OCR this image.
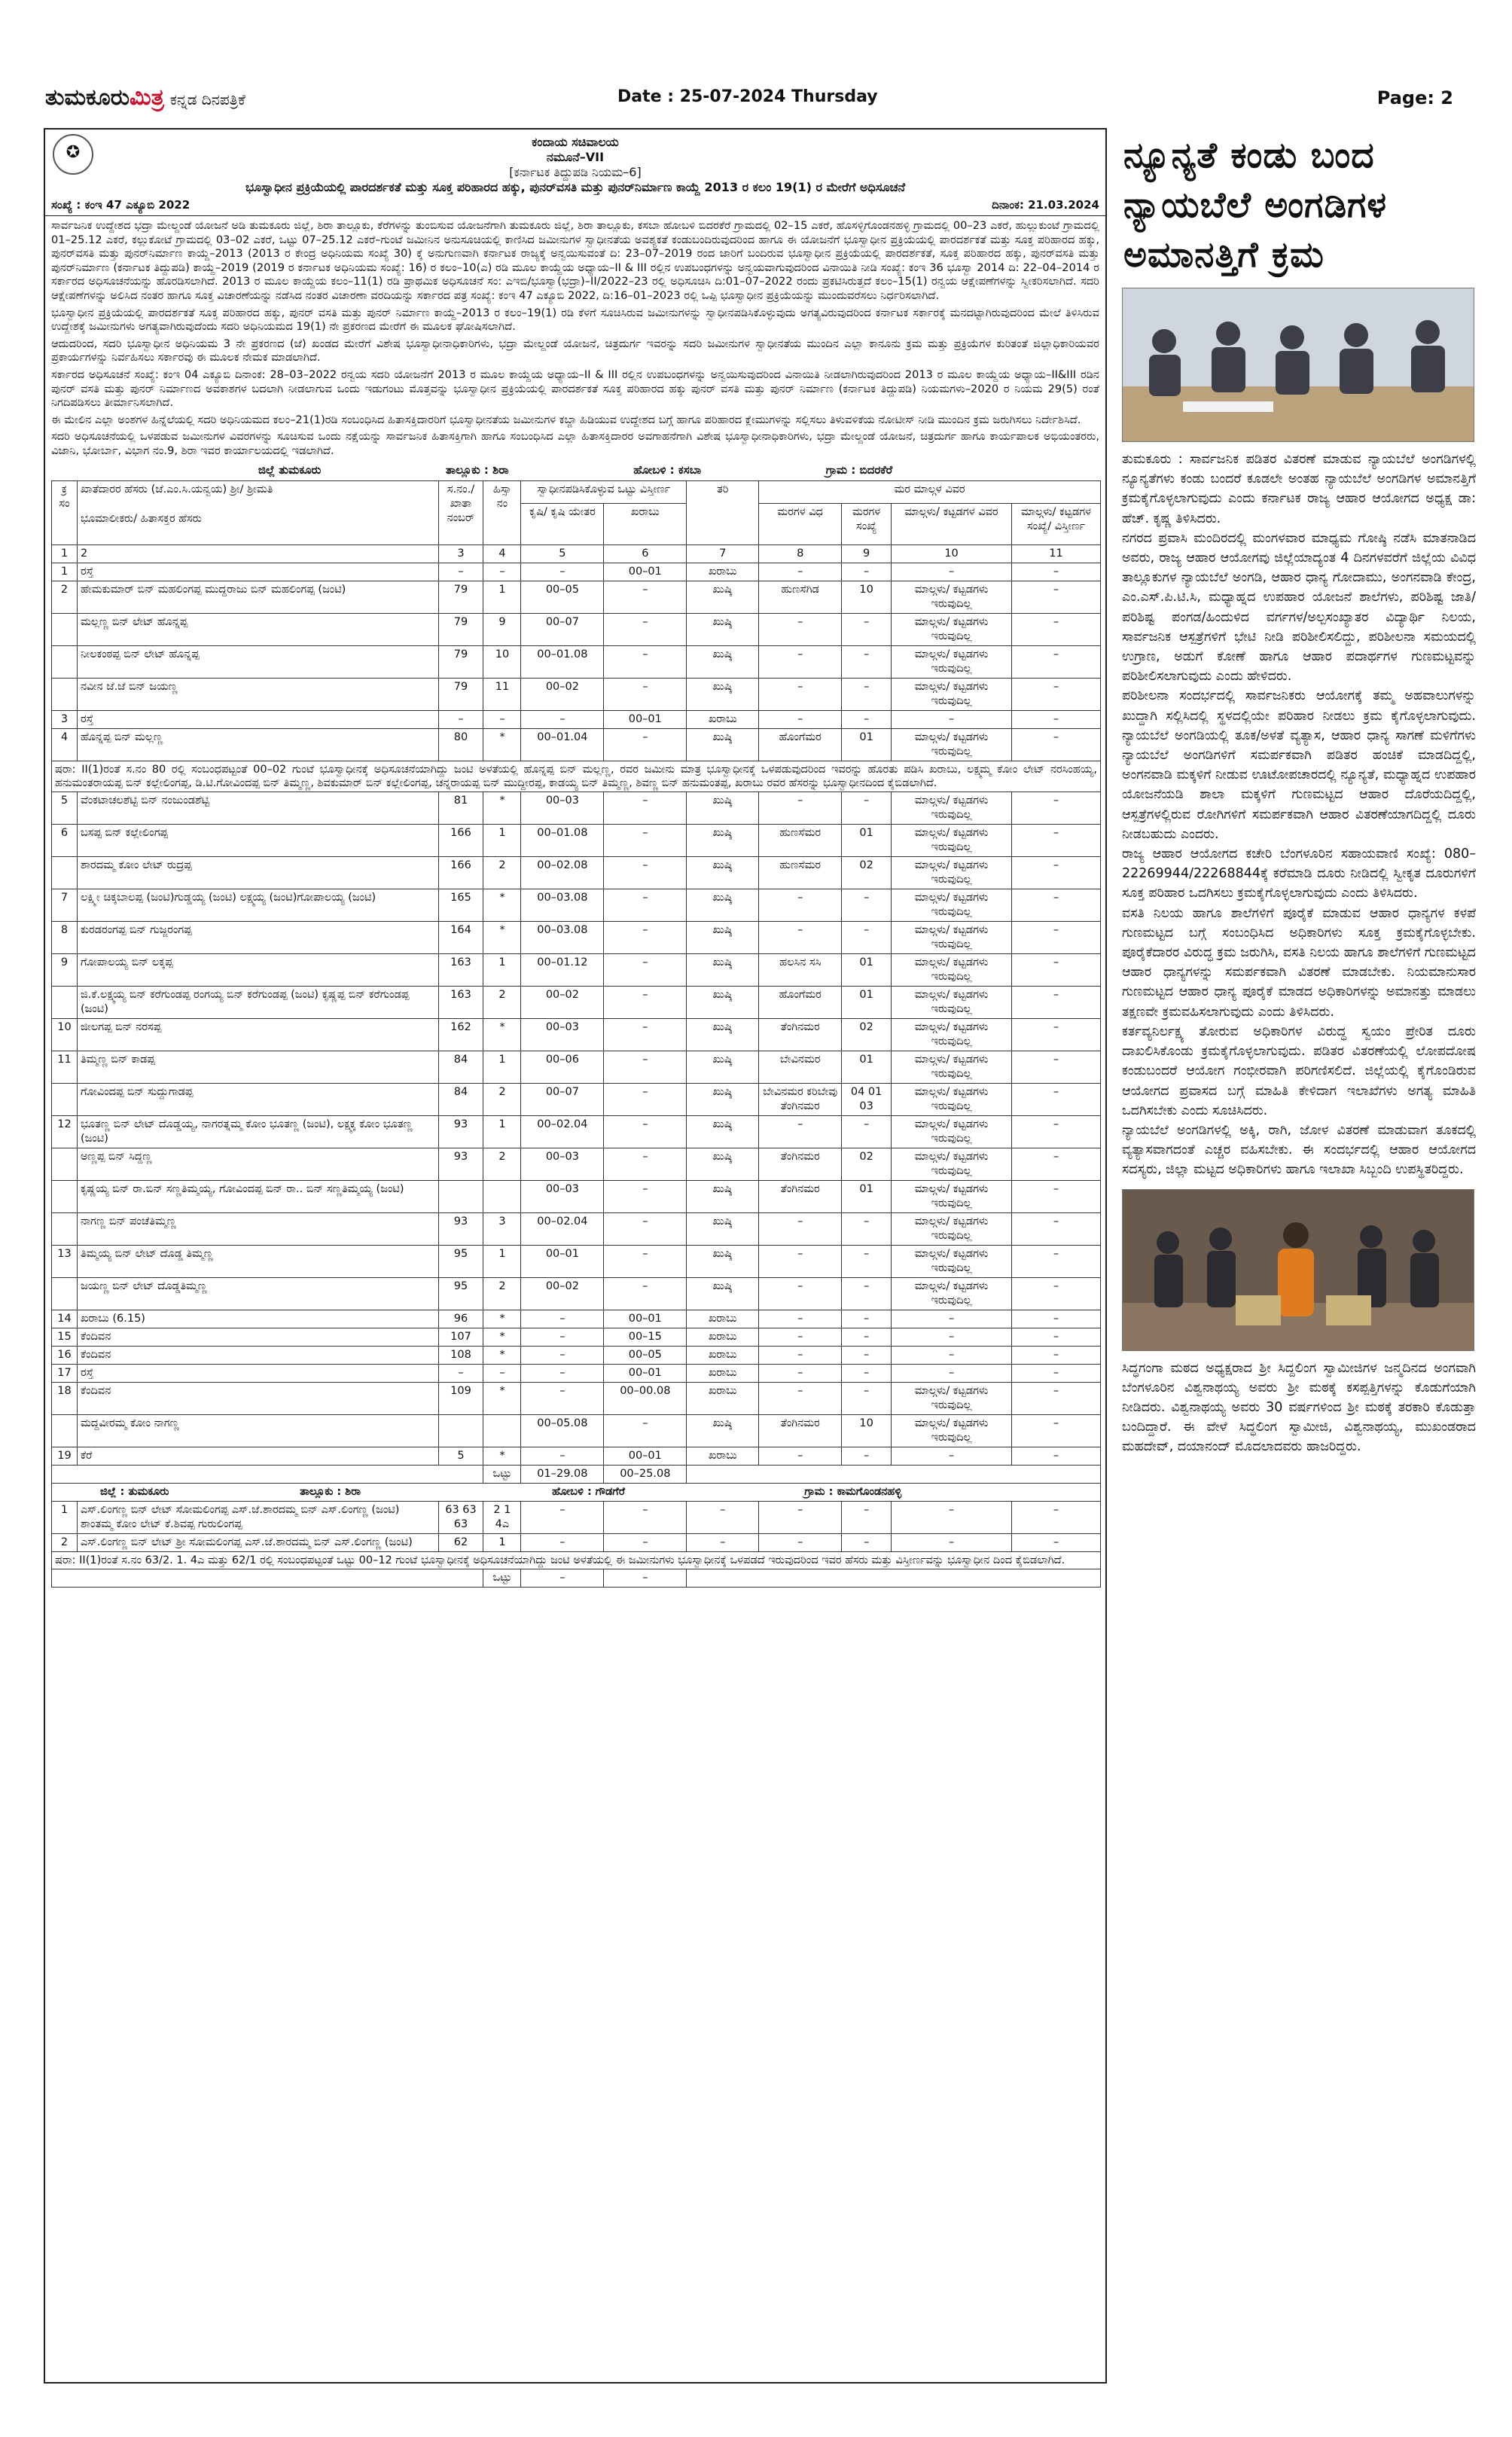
ತುಮಕೂರುಮಿತ್ರ ಕನ್ನಡ ದಿನಪತ್ರಿಕೆ	Date : 25-07-2024 Thursday	Page: 2
✪
ಕಂದಾಯ ಸಚಿವಾಲಯ
ನಮೂನೆ–VII
[ಕರ್ನಾಟಕ ತಿದ್ದುಪಡಿ ನಿಯಮ–6]
ಭೂಸ್ವಾಧೀನ ಪ್ರಕ್ರಿಯೆಯಲ್ಲಿ ಪಾರದರ್ಶಕತೆ ಮತ್ತು ಸೂಕ್ತ ಪರಿಹಾರದ ಹಕ್ಕು, ಪುನರ್‌ವಸತಿ ಮತ್ತು ಪುನರ್‌ನಿರ್ಮಾಣ ಕಾಯ್ದೆ 2013 ರ ಕಲಂ 19(1) ರ ಮೇರೆಗೆ ಅಧಿಸೂಚನೆ
ಸಂಖ್ಯೆ : ಕಂಇ 47 ಎಕ್ಯೂಬಿ 2022	ದಿನಾಂಕ: 21.03.2024

ಸಾರ್ವಜನಿಕ ಉದ್ದೇಶದ ಭದ್ರಾ ಮೇಲ್ದಂಡೆ ಯೋಜನೆ ಅಡಿ ತುಮಕೂರು ಜಿಲ್ಲೆ, ಶಿರಾ ತಾಲ್ಲೂಕು, ಕೆರೆಗಳನ್ನು ತುಂಬಿಸುವ ಯೋಜನೆಗಾಗಿ ತುಮಕೂರು ಜಿಲ್ಲೆ, ಶಿರಾ ತಾಲ್ಲೂಕು, ಕಸಬಾ ಹೋಬಳಿ ಬಿದರಕೆರೆ ಗ್ರಾಮದಲ್ಲಿ 02–15 ಎಕರೆ, ಹೊಸಳ್ಳಿಗೊಂಡನಹಳ್ಳಿ ಗ್ರಾಮದಲ್ಲಿ 00–23 ಎಕರೆ, ಹುಲ್ಲುಕುಂಟೆ ಗ್ರಾಮದಲ್ಲಿ 01–25.12 ಎಕರೆ, ಕಲ್ಲುಕೋಟೆ ಗ್ರಾಮದಲ್ಲಿ 03–02 ಎಕರೆ, ಒಟ್ಟು 07–25.12 ಎಕರೆ–ಗುಂಟೆ ಜಮೀನಿನ ಅನುಸೂಚಿಯಲ್ಲಿ ಕಾಣಿಸಿದ ಜಮೀನುಗಳ ಸ್ವಾಧೀನತೆಯ ಅವಶ್ಯಕತೆ ಕಂಡುಬಂದಿರುವುದರಿಂದ ಹಾಗೂ ಈ ಯೋಜನೆಗೆ ಭೂಸ್ವಾಧೀನ ಪ್ರಕ್ರಿಯೆಯಲ್ಲಿ ಪಾರದರ್ಶಕತೆ ಮತ್ತು ಸೂಕ್ತ ಪರಿಹಾರದ ಹಕ್ಕು, ಪುನರ್‌ವಸತಿ ಮತ್ತು ಪುನರ್‌ನಿರ್ಮಾಣ ಕಾಯ್ದೆ–2013 (2013 ರ ಕೇಂದ್ರ ಅಧಿನಿಯಮ ಸಂಖ್ಯೆ 30) ಕ್ಕೆ ಅನುಗುಣವಾಗಿ ಕರ್ನಾಟಕ ರಾಜ್ಯಕ್ಕೆ ಅನ್ವಯಿಸುವಂತೆ ದಿ: 23–07–2019 ರಂದ ಜಾರಿಗೆ ಬಂದಿರುವ ಭೂಸ್ವಾಧೀನ ಪ್ರಕ್ರಿಯೆಯಲ್ಲಿ ಪಾರದರ್ಶಕತೆ, ಸೂಕ್ತ ಪರಿಹಾರದ ಹಕ್ಕು, ಪುನರ್‌ವಸತಿ ಮತ್ತು ಪುನರ್‌ನಿರ್ಮಾಣ (ಕರ್ನಾಟಕ ತಿದ್ದುಪಡಿ) ಕಾಯ್ದೆ–2019 (2019 ರ ಕರ್ನಾಟಕ ಅಧಿನಿಯಮ ಸಂಖ್ಯೆ: 16) ರ ಕಲಂ–10(ಎ) ರಡಿ ಮೂಲ ಕಾಯ್ದೆಯ ಅಧ್ಯಾಯ–II & III ರಲ್ಲಿನ ಉಪಬಂಧಗಳನ್ನು ಅನ್ವಯವಾಗುವುದರಿಂದ ವಿನಾಯಿತಿ ನೀಡಿ ಸಂಖ್ಯೆ: ಕಂಇ 36 ಭೂಸ್ವಾ 2014 ದಿ: 22–04–2014 ರ ಸರ್ಕಾರದ ಅಧಿಸೂಚನೆಯನ್ನು ಹೊರಡಿಸಲಾಗಿದೆ. 2013 ರ ಮೂಲ ಕಾಯ್ದೆಯ ಕಲಂ–11(1) ರಡಿ ಪ್ರಾಥಮಿಕ ಅಧಿಸೂಚನೆ ಸಂ: ಎಇಬಿ/ಭೂಸ್ವಾ(ಭದ್ರಾ)–II/2022–23 ರಲ್ಲಿ ಅಧಿಸೂಚಿಸಿ ದಿ:01–07–2022 ರಂದು ಪ್ರಕಟಿಸಿರುತ್ತದೆ ಕಲಂ–15(1) ರನ್ವಯ ಆಕ್ಷೇಪಣೆಗಳನ್ನು ಸ್ವೀಕರಿಸಲಾಗಿದೆ. ಸದರಿ ಆಕ್ಷೇಪಣೆಗಳನ್ನು ಅಲಿಸಿದ ನಂತರ ಹಾಗೂ ಸೂಕ್ತ ವಿಚಾರಣೆಯನ್ನು ನಡೆಸಿದ ನಂತರ ವಿಚಾರಣಾ ವರದಿಯನ್ನು ಸರ್ಕಾರದ ಪತ್ರ ಸಂಖ್ಯೆ: ಕಂಇ 47 ಎಕ್ಯೂಬಿ 2022, ದಿ:16–01–2023 ರಲ್ಲಿ ಒಪ್ಪಿ ಭೂಸ್ವಾಧೀನ ಪ್ರಕ್ರಿಯೆಯನ್ನು ಮುಂದುವರೆಸಲು ನಿರ್ಧರಿಸಲಾಗಿದೆ.

ಭೂಸ್ವಾಧೀನ ಪ್ರಕ್ರಿಯೆಯಲ್ಲಿ ಪಾರದರ್ಶಕತೆ ಸೂಕ್ತ ಪರಿಹಾರದ ಹಕ್ಕು, ಪುನರ್ ವಸತಿ ಮತ್ತು ಪುನರ್ ನಿರ್ಮಾಣ ಕಾಯ್ದೆ–2013 ರ ಕಲಂ–19(1) ರಡಿ ಕೆಳಗೆ ಸೂಚಿಸಿರುವ ಜಮೀನುಗಳನ್ನು ಸ್ವಾಧೀನಪಡಿಸಿಕೊಳ್ಳುವುದು ಅಗತ್ಯವಿರುವುದರಿಂದ ಕರ್ನಾಟಕ ಸರ್ಕಾರಕ್ಕೆ ಮನದಟ್ಟಾಗಿರುವುದರಿಂದ ಮೇಲೆ ತಿಳಿಸಿರುವ ಉದ್ದೇಶಕ್ಕೆ ಜಮೀನುಗಳು ಅಗತ್ಯವಾಗಿರುವುದೆಂದು ಸದರಿ ಅಧಿನಿಯಮದ 19(1) ನೇ ಪ್ರಕರಣದ ಮೇರೆಗೆ ಈ ಮೂಲಕ ಘೋಷಿಸಲಾಗಿದೆ.

ಆದುದರಿಂದ, ಸದರಿ ಭೂಸ್ವಾಧೀನ ಅಧಿನಿಯಮ 3 ನೇ ಪ್ರಕರಣದ (ಜೆ) ಖಂಡದ ಮೇರೆಗೆ ವಿಶೇಷ ಭೂಸ್ವಾಧೀನಾಧಿಕಾರಿಗಳು, ಭದ್ರಾ ಮೇಲ್ದಂಡೆ ಯೋಜನೆ, ಚಿತ್ರದುರ್ಗ ಇವರನ್ನು ಸದರಿ ಜಮೀನುಗಳ ಸ್ವಾಧೀನತೆಯ ಮುಂದಿನ ಎಲ್ಲಾ ಕಾನೂನು ಕ್ರಮ ಮತ್ತು ಪ್ರಕ್ರಿಯೆಗಳ ಕುರಿತಂತೆ ಜಿಲ್ಲಾಧಿಕಾರಿಯವರ ಪ್ರಕಾರ್ಯಗಳನ್ನು ನಿರ್ವಹಿಸಲು ಸರ್ಕಾರವು ಈ ಮೂಲಕ ನೇಮಕ ಮಾಡಲಾಗಿದೆ.

ಸರ್ಕಾರದ ಅಧಿಸೂಚನೆ ಸಂಖ್ಯೆ: ಕಂಇ 04 ಎಕ್ಯೂಬಿ ದಿನಾಂಕ: 28–03–2022 ರನ್ವಯ ಸದರಿ ಯೋಜನೆಗೆ 2013 ರ ಮೂಲ ಕಾಯ್ದೆಯ ಅಧ್ಯಾಯ–II & III ರಲ್ಲಿನ ಉಪಬಂಧಗಳನ್ನು ಅನ್ವಯಿಸುವುದರಿಂದ ವಿನಾಯಿತಿ ನೀಡಲಾಗಿರುವುದರಿಂದ 2013 ರ ಮೂಲ ಕಾಯ್ದೆಯ ಅಧ್ಯಾಯ–II&III ರಡಿನ ಪುನರ್ ವಸತಿ ಮತ್ತು ಪುನರ್ ನಿರ್ಮಾಣದ ಅವಕಾಶಗಳ ಬದಲಾಗಿ ನೀಡಲಾಗುವ ಒಂದು ಇಡುಗಂಟು ಮೊತ್ತವನ್ನು ಭೂಸ್ವಾಧೀನ ಪ್ರಕ್ರಿಯೆಯಲ್ಲಿ ಪಾರದರ್ಶಕತೆ ಸೂಕ್ತ ಪರಿಹಾರದ ಹಕ್ಕು ಪುನರ್ ವಸತಿ ಮತ್ತು ಪುನರ್ ನಿರ್ಮಾಣ (ಕರ್ನಾಟಕ ತಿದ್ದುಪಡಿ) ನಿಯಮಗಳು–2020 ರ ನಿಯಮ 29(5) ರಂತೆ ನಿಗದಿಪಡಿಸಲು ತೀರ್ಮಾನಿಸಲಾಗಿದೆ.

ಈ ಮೇಲಿನ ಎಲ್ಲಾ ಅಂಶಗಳ ಹಿನ್ನೆಲೆಯಲ್ಲಿ ಸದರಿ ಅಧಿನಿಯಮದ ಕಲಂ–21(1)ರಡಿ ಸಂಬಂಧಿಸಿದ ಹಿತಾಸಕ್ತಿದಾರರಿಗೆ ಭೂಸ್ವಾಧೀನತೆಯ ಜಮೀನುಗಳ ಕಬ್ಜಾ ಹಿಡಿಯುವ ಉದ್ದೇಶದ ಬಗ್ಗೆ ಹಾಗೂ ಪರಿಹಾರದ ಕ್ಲೇಮುಗಳನ್ನು ಸಲ್ಲಿಸಲು ತಿಳುವಳಿಕೆಯ ನೋಟೀಸ್ ನೀಡಿ ಮುಂದಿನ ಕ್ರಮ ಜರುಗಿಸಲು ನಿರ್ದೇಶಿಸಿದೆ.

ಸದರಿ ಅಧಿಸೂಚನೆಯಲ್ಲಿ ಒಳಪಡುವ ಜಮೀನುಗಳ ವಿವರಗಳನ್ನು ಸೂಚಿಸುವ ಒಂದು ನಕ್ಷೆಯನ್ನು ಸಾರ್ವಜನಿಕ ಹಿತಾಸಕ್ತಿಗಾಗಿ ಹಾಗೂ ಸಂಬಂಧಿಸಿದ ಎಲ್ಲಾ ಹಿತಾಸಕ್ತಿದಾರರ ಅವಗಾಹನೆಗಾಗಿ ವಿಶೇಷ ಭೂಸ್ವಾಧೀನಾಧಿಕಾರಿಗಳು, ಭದ್ರಾ ಮೇಲ್ದಂಡೆ ಯೋಜನೆ, ಚಿತ್ರದುರ್ಗ ಹಾಗೂ ಕಾರ್ಯಪಾಲಕ ಅಭಿಯಂತರರು, ವಿಜಾನಿ, ಭೋರ್ಬಾ, ವಿಭಾಗ ನಂ.9, ಶಿರಾ ಇವರ ಕಾರ್ಯಾಲಯದಲ್ಲಿ ಇಡಲಾಗಿದೆ.

ಜಿಲ್ಲೆ ತುಮಕೂರು	ತಾಲ್ಲೂಕು : ಶಿರಾ	ಹೋಬಳಿ : ಕಸಬಾ	ಗ್ರಾಮ : ಬಿದರಕೆರೆ
ಕ್ರ ಸಂ	ಖಾತೆದಾರರ ಹೆಸರು (ಜೆ.ಎಂ.ಸಿ.ಯನ್ವಯ) ಶ್ರೀ/ ಶ್ರೀಮತಿ
ಭೂಮಾಲೀಕರು/ ಹಿತಾಸಕ್ತರ ಹೆಸರು	ಸ.ನಂ./ ಖಾತಾ ನಂಬರ್	ಹಿಸ್ಸಾ ನಂ	ಸ್ವಾಧೀನಪಡಿಸಿಕೊಳ್ಳುವ ಒಟ್ಟು ವಿಸ್ತೀರ್ಣ		ತರಿ	ಮರ ಮಾಲ್ಗಳ ವಿವರ			
				ಕೃಷಿ/ ಕೃಷಿ ಯೇತರ	ಖರಾಬು		ಮರಗಳ ವಿಧ	ಮರಗಳ ಸಂಖ್ಯೆ	ಮಾಲ್ಗಳು/ ಕಟ್ಟಡಗಳ ವಿವರ	ಮಾಲ್ಗಳು/ ಕಟ್ಟಡಗಳ ಸಂಖ್ಯೆ/ ವಿಸ್ತೀರ್ಣ
1	2	3	4	5	6	7	8	9	10	11
1	ರಸ್ತೆ	–	–	–	00–01	ಖರಾಬು	–	–	–	–
2	ಹೇಮಕುಮಾರ್ ಬಿನ್ ಮಹಲಿಂಗಪ್ಪ ಮುದ್ದರಾಜು ಬಿನ್ ಮಹಲಿಂಗಪ್ಪ (ಜಂಟಿ)	79	1	00–05	–	ಖುಷ್ಕಿ	ಹುಣಸೆಗಿಡ	10	ಮಾಲ್ಗಳು/ ಕಟ್ಟಡಗಳು ಇರುವುದಿಲ್ಲ	–
	ಮಲ್ಲಣ್ಣ ಬಿನ್ ಲೇಟ್ ಹೊನ್ನಪ್ಪ	79	9	00–07	–	ಖುಷ್ಕಿ	–	–	ಮಾಲ್ಗಳು/ ಕಟ್ಟಡಗಳು ಇರುವುದಿಲ್ಲ	–
	ನೀಲಕಂಠಪ್ಪ ಬಿನ್ ಲೇಟ್ ಹೊನ್ನಪ್ಪ	79	10	00–01.08	–	ಖುಷ್ಕಿ	–	–	ಮಾಲ್ಗಳು/ ಕಟ್ಟಡಗಳು ಇರುವುದಿಲ್ಲ	–
	ನವೀನ ಜೆ.ಜೆ ಬಿನ್ ಜಯಣ್ಣ	79	11	00–02	–	ಖುಷ್ಕಿ	–	–	ಮಾಲ್ಗಳು/ ಕಟ್ಟಡಗಳು ಇರುವುದಿಲ್ಲ	–
3	ರಸ್ತೆ	–	–	–	00–01	ಖರಾಬು	–	–	–	–
4	ಹೊನ್ನಪ್ಪ ಬಿನ್ ಮಲ್ಲಣ್ಣ	80	*	00–01.04	–	ಖುಷ್ಕಿ	ಹೊಂಗೆಮರ	01	ಮಾಲ್ಗಳು/ ಕಟ್ಟಡಗಳು ಇರುವುದಿಲ್ಲ	–
ಷರಾ: II(1)ರಂತೆ ಸ.ನಂ 80 ರಲ್ಲಿ ಸಂಬಂಧಪಟ್ಟಂತೆ 00–02 ಗುಂಟೆ ಭೂಸ್ವಾಧೀನಕ್ಕೆ ಅಧಿಸೂಚನೆಯಾಗಿದ್ದು ಜಂಟಿ ಅಳತೆಯಲ್ಲಿ ಹೊನ್ನಪ್ಪ ಬಿನ್ ಮಲ್ಲಣ್ಣ, ರವರ ಜಮೀನು ಮಾತ್ರ ಭೂಸ್ವಾಧೀನಕ್ಕೆ ಒಳಪಡುವುದರಿಂದ ಇವರನ್ನು ಹೊರತು ಪಡಿಸಿ ಖರಾಬು, ಲಕ್ಷ್ಮಮ್ಮ ಕೋಂ ಲೇಟ್ ನರಸಿಂಹಯ್ಯ, ಹನುಮಂತರಾಯಪ್ಪ ಬಿನ್ ಕಲ್ಲೇಲಿಂಗಪ್ಪ, ಡಿ.ಟಿ.ಗೋವಿಂದಪ್ಪ ಬಿನ್ ತಿಮ್ಮಣ್ಣ, ಶಿವಕುಮಾರ್ ಬಿನ್ ಕಲ್ಲೇಲಿಂಗಪ್ಪ, ಚನ್ನರಾಯಪ್ಪ ಬಿನ್ ಮುದ್ದೀರಪ್ಪ, ಕಾಡಯ್ಯ ಬಿನ್ ತಿಮ್ಮಣ್ಣ, ಶಿವಣ್ಣ ಬಿನ್ ಹನುಮಂತಪ್ಪ, ಖರಾಬು ರವರ ಹೆಸರನ್ನು ಭೂಸ್ವಾಧೀನದಿಂದ ಕೈಬಿಡಲಾಗಿದೆ.										
5	ವೆಂಕಟಾಚಲಶೆಟ್ಟಿ ಬಿನ್ ನಂಜುಂಡಶೆಟ್ಟಿ	81	*	00–03	–	ಖುಷ್ಕಿ	–	–	ಮಾಲ್ಗಳು/ ಕಟ್ಟಡಗಳು ಇರುವುದಿಲ್ಲ	–
6	ಬಸಪ್ಪ ಬಿನ್ ಕಲ್ಲೇಲಿಂಗಪ್ಪ	166	1	00–01.08	–	ಖುಷ್ಕಿ	ಹುಣಸೆಮರ	01	ಮಾಲ್ಗಳು/ ಕಟ್ಟಡಗಳು ಇರುವುದಿಲ್ಲ	–
	ಶಾರದಮ್ಮ ಕೋಂ ಲೇಟ್ ರುದ್ರಪ್ಪ	166	2	00–02.08	–	ಖುಷ್ಕಿ	ಹುಣಸೆಮರ	02	ಮಾಲ್ಗಳು/ ಕಟ್ಟಡಗಳು ಇರುವುದಿಲ್ಲ	–
7	ಲಕ್ಷ್ಮೀ ಚಿಕ್ಕಬಾಲಪ್ಪ (ಜಂಟಿ)ಗುಡ್ಡಯ್ಯ (ಜಂಟಿ) ಲಕ್ಷ್ಮಯ್ಯ (ಜಂಟಿ)ಗೋಪಾಲಯ್ಯ (ಜಂಟಿ)	165	*	00–03.08	–	ಖುಷ್ಕಿ	–	–	ಮಾಲ್ಗಳು/ ಕಟ್ಟಡಗಳು ಇರುವುದಿಲ್ಲ	–
8	ಕುರಡರಂಗಪ್ಪ ಬಿನ್ ಗುಜ್ಜರಂಗಪ್ಪ	164	*	00–03.08	–	ಖುಷ್ಕಿ	–	–	ಮಾಲ್ಗಳು/ ಕಟ್ಟಡಗಳು ಇರುವುದಿಲ್ಲ	–
9	ಗೋಪಾಲಯ್ಯ ಬಿನ್ ಲಕ್ಕಪ್ಪ	163	1	00–01.12	–	ಖುಷ್ಕಿ	ಹಲಸಿನ ಸಸಿ	01	ಮಾಲ್ಗಳು/ ಕಟ್ಟಡಗಳು ಇರುವುದಿಲ್ಲ	–
	ಜಿ.ಕೆ.ಲಕ್ಷ್ಮಯ್ಯ ಬಿನ್ ಕರೆಗುಂಡಪ್ಪ ರಂಗಯ್ಯ ಬಿನ್ ಕರೆಗುಂಡಪ್ಪ (ಜಂಟಿ) ಕೃಷ್ಣಪ್ಪ ಬಿನ್ ಕರೆಗುಂಡಪ್ಪ (ಜಂಟಿ)	163	2	00–02	–	ಖುಷ್ಕಿ	ಹೊಂಗೆಮರ	01	ಮಾಲ್ಗಳು/ ಕಟ್ಟಡಗಳು ಇರುವುದಿಲ್ಲ	–
10	ಜೀಲಗಪ್ಪ ಬಿನ್ ನರಸಪ್ಪ	162	*	00–03	–	ಖುಷ್ಕಿ	ತೆಂಗಿನಮರ	02	ಮಾಲ್ಗಳು/ ಕಟ್ಟಡಗಳು ಇರುವುದಿಲ್ಲ	–
11	ತಿಮ್ಮಣ್ಣ ಬಿನ್ ಕಾಡಪ್ಪ	84	1	00–06	–	ಖುಷ್ಕಿ	ಬೇವಿನಮರ	01	ಮಾಲ್ಗಳು/ ಕಟ್ಟಡಗಳು ಇರುವುದಿಲ್ಲ	–
	ಗೋವಿಂದಪ್ಪ ಬಿನ್ ಸುದ್ದುಗಾಡಪ್ಪ	84	2	00–07	–	ಖುಷ್ಕಿ	ಬೇವಿನಮರ ಕರಿಬೇವು ತೆಂಗಿನಮರ	04 01 03	ಮಾಲ್ಗಳು/ ಕಟ್ಟಡಗಳು ಇರುವುದಿಲ್ಲ	–
12	ಭೂತಣ್ಣ ಬಿನ್ ಲೇಟ್ ದೊಡ್ಡಯ್ಯ, ನಾಗರತ್ನಮ್ಮ ಕೋಂ ಭೂತಣ್ಣ (ಜಂಟಿ), ಲಕ್ಷ್ಮಕ್ಕ ಕೋಂ ಭೂತಣ್ಣ (ಜಂಟಿ)	93	1	00–02.04	–	ಖುಷ್ಕಿ	–	–	ಮಾಲ್ಗಳು/ ಕಟ್ಟಡಗಳು ಇರುವುದಿಲ್ಲ	–
	ಅಣ್ಣಪ್ಪ ಬಿನ್ ಸಿದ್ದಣ್ಣ	93	2	00–03	–	ಖುಷ್ಕಿ	ತೆಂಗಿನಮರ	02	ಮಾಲ್ಗಳು/ ಕಟ್ಟಡಗಳು ಇರುವುದಿಲ್ಲ	–
	ಕೃಷ್ಣಯ್ಯ ಬಿನ್ ರಾ.ಬಿನ್ ಸಣ್ಣತಿಮ್ಮಯ್ಯ, ಗೋವಿಂದಪ್ಪ ಬಿನ್ ರಾ.. ಬಿನ್ ಸಣ್ಣತಿಮ್ಮಯ್ಯ (ಜಂಟಿ)			00–03	–	ಖುಷ್ಕಿ	ತೆಂಗಿನಮರ	01	ಮಾಲ್ಗಳು/ ಕಟ್ಟಡಗಳು ಇರುವುದಿಲ್ಲ	–
	ನಾಗಣ್ಣ ಬಿನ್ ಪಂಚೆತಿಮ್ಮಣ್ಣ	93	3	00–02.04	–	ಖುಷ್ಕಿ	–	–	ಮಾಲ್ಗಳು/ ಕಟ್ಟಡಗಳು ಇರುವುದಿಲ್ಲ	–
13	ತಿಮ್ಮಯ್ಯ ಬಿನ್ ಲೇಟ್ ದೊಡ್ಡ ತಿಮ್ಮಣ್ಣ	95	1	00–01	–	ಖುಷ್ಕಿ	–	–	ಮಾಲ್ಗಳು/ ಕಟ್ಟಡಗಳು ಇರುವುದಿಲ್ಲ	–
	ಜಯಣ್ಣ ಬಿನ್ ಲೇಟ್ ದೊಡ್ಡತಿಮ್ಮಣ್ಣ	95	2	00–02	–	ಖುಷ್ಕಿ	–	–	ಮಾಲ್ಗಳು/ ಕಟ್ಟಡಗಳು ಇರುವುದಿಲ್ಲ	–
14	ಖರಾಬು (6.15)	96	*	–	00–01	ಖರಾಬು	–	–	–	–
15	ಕೆಂದಿವನ	107	*	–	00–15	ಖರಾಬು	–	–	–	–
16	ಕೆಂದಿವನ	108	*	–	00–05	ಖರಾಬು	–	–	–	–
17	ರಸ್ತೆ	–	–	–	00–01	ಖರಾಬು	–	–	–	–
18	ಕೆಂದಿವನ	109	*	–	00–00.08	ಖರಾಬು	–	–	ಮಾಲ್ಗಳು/ ಕಟ್ಟಡಗಳು ಇರುವುದಿಲ್ಲ	–
	ಮದ್ದವೀರಮ್ಮ ಕೋಂ ನಾಗಣ್ಣ			00–05.08	–	ಖುಷ್ಕಿ	ತೆಂಗಿನಮರ	10	ಮಾಲ್ಗಳು/ ಕಟ್ಟಡಗಳು ಇರುವುದಿಲ್ಲ	–
19	ಕೆರೆ	5	*	–	00–01	ಖರಾಬು	–	–	–	–
			ಒಟ್ಟು	01–29.08	00–25.08					
ಜಿಲ್ಲೆ : ತುಮಕೂರು ತಾಲ್ಲೂಕು : ಶಿರಾ ಹೋಬಳಿ : ಗೌಡಗೆರೆ ಗ್ರಾಮ : ಕಾಮಗೊಂಡನಹಳ್ಳಿ										
1	ಎಸ್.ಲಿಂಗಣ್ಣ ಬಿನ್ ಲೇಟ್ ಸೋಮಲಿಂಗಪ್ಪ ಎಸ್.ಜೆ.ಶಾರದಮ್ಮ ಬಿನ್ ಎಸ್.ಲಿಂಗಣ್ಣ (ಜಂಟಿ) ಶಾಂತಮ್ಮ ಕೋಂ ಲೇಟ್ ಕೆ.ಶಿವಪ್ಪ ಗುರುಲಿಂಗಪ್ಪ	63 63 63	2 1 4ಎ	–	–	–	–	–	–	–
2	ಎಸ್.ಲಿಂಗಣ್ಣ ಬಿನ್ ಲೇಟ್ ಶ್ರೀ ಸೋಮಲಿಂಗಪ್ಪ ಎಸ್.ಜೆ.ಶಾರದಮ್ಮ ಬಿನ್ ಎಸ್.ಲಿಂಗಣ್ಣ (ಜಂಟಿ)	62	1	–	–	–	–	–	–	–
ಷರಾ: II(1)ರಂತೆ ಸ.ನಂ 63/2. 1. 4ಎ ಮತ್ತು 62/1 ರಲ್ಲಿ ಸಂಬಂಧಪಟ್ಟಂತೆ ಒಟ್ಟು 00–12 ಗುಂಟೆ ಭೂಸ್ವಾಧೀನಕ್ಕೆ ಅಧಿಸೂಚನೆಯಾಗಿದ್ದು ಜಂಟಿ ಅಳತೆಯಲ್ಲಿ ಈ ಜಮೀನುಗಳು ಭೂಸ್ವಾಧೀನಕ್ಕೆ ಒಳಪಡದೆ ಇರುವುದರಿಂದ ಇವರ ಹೆಸರು ಮತ್ತು ವಿಸ್ತೀರ್ಣವನ್ನು ಭೂಸ್ವಾಧೀನ ದಿಂದ ಕೈಬಿಡಲಾಗಿದೆ.										
			ಒಟ್ಟು	–	–					
ನ್ಯೂನ್ಯತೆ ಕಂಡು ಬಂದ ನ್ಯಾಯಬೆಲೆ ಅಂಗಡಿಗಳ ಅಮಾನತ್ತಿಗೆ ಕ್ರಮ

ತುಮಕೂರು : ಸಾರ್ವಜನಿಕ ಪಡಿತರ ವಿತರಣೆ ಮಾಡುವ ನ್ಯಾಯಬೆಲೆ ಅಂಗಡಿಗಳಲ್ಲಿ ನ್ಯೂನ್ಯತೆಗಳು ಕಂಡು ಬಂದರೆ ಕೂಡಲೇ ಅಂತಹ ನ್ಯಾಯಬೆಲೆ ಅಂಗಡಿಗಳ ಅಮಾನತ್ತಿಗೆ ಕ್ರಮಕೈಗೊಳ್ಳಲಾಗುವುದು ಎಂದು ಕರ್ನಾಟಕ ರಾಜ್ಯ ಆಹಾರ ಆಯೋಗದ ಅಧ್ಯಕ್ಷ ಡಾ: ಹೆಚ್. ಕೃಷ್ಣ ತಿಳಿಸಿದರು.

ನಗರದ ಪ್ರವಾಸಿ ಮಂದಿರದಲ್ಲಿ ಮಂಗಳವಾರ ಮಾಧ್ಯಮ ಗೋಷ್ಠಿ ನಡೆಸಿ ಮಾತನಾಡಿದ ಅವರು, ರಾಜ್ಯ ಆಹಾರ ಆಯೋಗವು ಜಿಲ್ಲೆಯಾದ್ಯಂತ 4 ದಿನಗಳವರೆಗೆ ಜಿಲ್ಲೆಯ ವಿವಿಧ ತಾಲ್ಲೂಕುಗಳ ನ್ಯಾಯಬೆಲೆ ಅಂಗಡಿ, ಆಹಾರ ಧಾನ್ಯ ಗೋದಾಮು, ಅಂಗನವಾಡಿ ಕೇಂದ್ರ, ಎಂ.ಎಸ್.ಪಿ.ಟಿ.ಸಿ, ಮಧ್ಯಾಹ್ನದ ಉಪಹಾರ ಯೋಜನೆ ಶಾಲೆಗಳು, ಪರಿಶಿಷ್ಟ ಜಾತಿ/ಪರಿಶಿಷ್ಟ ಪಂಗಡ/ಹಿಂದುಳಿದ ವರ್ಗಗಳ/ಅಲ್ಪಸಂಖ್ಯಾತರ ವಿದ್ಯಾರ್ಥಿ ನಿಲಯ, ಸಾರ್ವಜನಿಕ ಆಸ್ಪತ್ರೆಗಳಿಗೆ ಭೇಟಿ ನೀಡಿ ಪರಿಶೀಲಿಸಲಿದ್ದು, ಪರಿಶೀಲನಾ ಸಮಯದಲ್ಲಿ ಉಗ್ರಾಣ, ಅಡುಗೆ ಕೋಣೆ ಹಾಗೂ ಆಹಾರ ಪದಾರ್ಥಗಳ ಗುಣಮಟ್ಟವನ್ನು ಪರಿಶೀಲಿಸಲಾಗುವುದು ಎಂದು ಹೇಳಿದರು.

ಪರಿಶೀಲನಾ ಸಂದರ್ಭದಲ್ಲಿ ಸಾರ್ವಜನಿಕರು ಆಯೋಗಕ್ಕೆ ತಮ್ಮ ಅಹವಾಲುಗಳನ್ನು ಖುದ್ದಾಗಿ ಸಲ್ಲಿಸಿದಲ್ಲಿ ಸ್ಥಳದಲ್ಲಿಯೇ ಪರಿಹಾರ ನೀಡಲು ಕ್ರಮ ಕೈಗೊಳ್ಳಲಾಗುವುದು. ನ್ಯಾಯಬೆಲೆ ಅಂಗಡಿಯಲ್ಲಿ ತೂಕ/ಅಳತೆ ವ್ಯತ್ಯಾಸ, ಆಹಾರ ಧಾನ್ಯ ಸಾಗಣೆ ಮಳಿಗೆಗಳು ನ್ಯಾಯಬೆಲೆ ಅಂಗಡಿಗಳಿಗೆ ಸಮರ್ಪಕವಾಗಿ ಪಡಿತರ ಹಂಚಿಕೆ ಮಾಡದಿದ್ದಲ್ಲಿ, ಅಂಗನವಾಡಿ ಮಕ್ಕಳಿಗೆ ನೀಡುವ ಊಟೋಪಚಾರದಲ್ಲಿ ನ್ಯೂನ್ಯತೆ, ಮಧ್ಯಾಹ್ನದ ಉಪಹಾರ ಯೋಜನೆಯಡಿ ಶಾಲಾ ಮಕ್ಕಳಿಗೆ ಗುಣಮಟ್ಟದ ಆಹಾರ ದೊರೆಯದಿದ್ದಲ್ಲಿ, ಆಸ್ಪತ್ರೆಗಳಲ್ಲಿರುವ ರೋಗಿಗಳಿಗೆ ಸಮರ್ಪಕವಾಗಿ ಆಹಾರ ವಿತರಣೆಯಾಗದಿದ್ದಲ್ಲಿ ದೂರು ನೀಡಬಹುದು ಎಂದರು.

ರಾಜ್ಯ ಆಹಾರ ಆಯೋಗದ ಕಚೇರಿ ಬೆಂಗಳೂರಿನ ಸಹಾಯವಾಣಿ ಸಂಖ್ಯೆ: 080–22269944/22268844ಕ್ಕೆ ಕರೆಮಾಡಿ ದೂರು ನೀಡಿದಲ್ಲಿ ಸ್ವೀಕೃತ ದೂರುಗಳಿಗೆ ಸೂಕ್ತ ಪರಿಹಾರ ಒದಗಿಸಲು ಕ್ರಮಕೈಗೊಳ್ಳಲಾಗುವುದು ಎಂದು ತಿಳಿಸಿದರು.

ವಸತಿ ನಿಲಯ ಹಾಗೂ ಶಾಲೆಗಳಿಗೆ ಪೂರೈಕೆ ಮಾಡುವ ಆಹಾರ ಧಾನ್ಯಗಳ ಕಳಪೆ ಗುಣಮಟ್ಟದ ಬಗ್ಗೆ ಸಂಬಂಧಿಸಿದ ಅಧಿಕಾರಿಗಳು ಸೂಕ್ತ ಕ್ರಮಕೈಗೊಳ್ಳಬೇಕು. ಪೂರೈಕೆದಾರರ ವಿರುದ್ಧ ಕ್ರಮ ಜರುಗಿಸಿ, ವಸತಿ ನಿಲಯ ಹಾಗೂ ಶಾಲೆಗಳಿಗೆ ಗುಣಮಟ್ಟದ ಆಹಾರ ಧಾನ್ಯಗಳನ್ನು ಸಮರ್ಪಕವಾಗಿ ವಿತರಣೆ ಮಾಡಬೇಕು. ನಿಯಮಾನುಸಾರ ಗುಣಮಟ್ಟದ ಆಹಾರ ಧಾನ್ಯ ಪೂರೈಕೆ ಮಾಡದ ಅಧಿಕಾರಿಗಳನ್ನು ಅಮಾನತ್ತು ಮಾಡಲು ತಕ್ಷಣವೇ ಕ್ರಮವಹಿಸಲಾಗುವುದು ಎಂದು ತಿಳಿಸಿದರು.

ಕರ್ತವ್ಯನಿರ್ಲಕ್ಷ್ಯ ತೋರುವ ಅಧಿಕಾರಿಗಳ ವಿರುದ್ಧ ಸ್ವಯಂ ಪ್ರೇರಿತ ದೂರು ದಾಖಲಿಸಿಕೊಂಡು ಕ್ರಮಕೈಗೊಳ್ಳಲಾಗುವುದು. ಪಡಿತರ ವಿತರಣೆಯಲ್ಲಿ ಲೋಪದೋಷ ಕಂಡುಬಂದರೆ ಆಯೋಗ ಗಂಭೀರವಾಗಿ ಪರಿಗಣಿಸಲಿದೆ. ಜಿಲ್ಲೆಯಲ್ಲಿ ಕೈಗೊಂಡಿರುವ ಆಯೋಗದ ಪ್ರವಾಸದ ಬಗ್ಗೆ ಮಾಹಿತಿ ಕೇಳಿದಾಗ ಇಲಾಖೆಗಳು ಅಗತ್ಯ ಮಾಹಿತಿ ಒದಗಿಸಬೇಕು ಎಂದು ಸೂಚಿಸಿದರು.

ನ್ಯಾಯಬೆಲೆ ಅಂಗಡಿಗಳಲ್ಲಿ ಅಕ್ಕಿ, ರಾಗಿ, ಜೋಳ ವಿತರಣೆ ಮಾಡುವಾಗ ತೂಕದಲ್ಲಿ ವ್ಯತ್ಯಾಸವಾಗದಂತೆ ಎಚ್ಚರ ವಹಿಸಬೇಕು. ಈ ಸಂದರ್ಭದಲ್ಲಿ ಆಹಾರ ಆಯೋಗದ ಸದಸ್ಯರು, ಜಿಲ್ಲಾ ಮಟ್ಟದ ಅಧಿಕಾರಿಗಳು ಹಾಗೂ ಇಲಾಖಾ ಸಿಬ್ಬಂದಿ ಉಪಸ್ಥಿತರಿದ್ದರು.

ಸಿದ್ಧಗಂಗಾ ಮಠದ ಅಧ್ಯಕ್ಷರಾದ ಶ್ರೀ ಸಿದ್ದಲಿಂಗ ಸ್ವಾಮೀಜಿಗಳ ಜನ್ಮದಿನದ ಅಂಗವಾಗಿ ಬೆಂಗಳೂರಿನ ವಿಶ್ವನಾಥಯ್ಯ ಅವರು ಶ್ರೀ ಮಠಕ್ಕೆ ಕಸಪ್ಪತ್ತಿಗಳನ್ನು ಕೊಡುಗೆಯಾಗಿ ನೀಡಿದರು. ವಿಶ್ವನಾಥಯ್ಯ ಅವರು 30 ವರ್ಷಗಳಿಂದ ಶ್ರೀ ಮಠಕ್ಕೆ ತರಕಾರಿ ಕೊಡುತ್ತಾ ಬಂದಿದ್ದಾರೆ. ಈ ವೇಳೆ ಸಿದ್ಧಲಿಂಗ ಸ್ವಾಮೀಜಿ, ವಿಶ್ವನಾಥಯ್ಯ, ಮುಖಂಡರಾದ ಮಹದೇವ್, ದಯಾನಂದ್ ಮೊದಲಾದವರು ಹಾಜರಿದ್ದರು.
